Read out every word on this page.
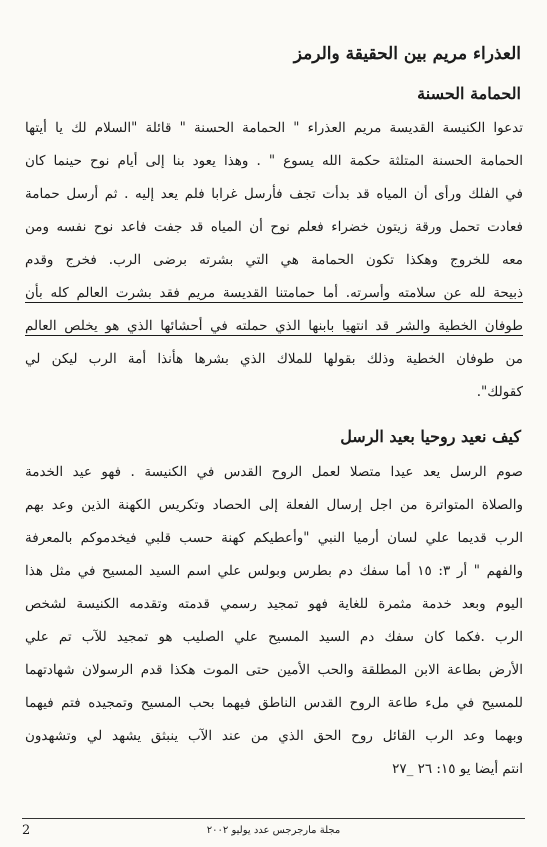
العذراء مريم بين الحقيقة والرمز
الحمامة الحسنة
تدعوا الكنيسة القديسة مريم العذراء " الحمامة الحسنة " قائلة "السلام لك يا أيتها
الحمامة الحسنة المتلثة حكمة الله يسوع " . وهذا يعود بنا إلى أيام نوح حينما كان
في الفلك ورأى أن المياه قد بدأت تجف فأرسل غرابا فلم يعد إليه . ثم أرسل حمامة
فعادت تحمل ورقة زيتون خضراء فعلم نوح أن المياه قد جفت فاعد نوح نفسه ومن
معه للخروج وهكذا تكون الحمامة هي التي بشرته برضى الرب. فخرج وقدم
ذبيحة لله عن سلامته وأسرته. أما حمامتنا القديسة مريم فقد بشرت العالم كله بأن
طوفان الخطية والشر قد انتهيا بابنها الذي حملته في أحشائها الذي هو يخلص العالم
من طوفان الخطية وذلك بقولها للملاك الذي بشرها هأنذا أمة الرب ليكن لي
كقولك".
كيف نعيد روحيا بعيد الرسل
صوم الرسل يعد عيدا متصلا لعمل الروح القدس في الكنيسة . فهو عيد الخدمة
والصلاة المتواترة من اجل إرسال الفعلة إلى الحصاد وتكريس الكهنة الذين وعد بهم
الرب قديما علي لسان أرميا النبي "وأعطيكم كهنة حسب قلبي فيخدموكم بالمعرفة
والفهم " أر ٣: ١٥ أما سفك دم بطرس وبولس علي اسم السيد المسيح في مثل هذا
اليوم وبعد خدمة مثمرة للغاية فهو تمجيد رسمي قدمته وتقدمه الكنيسة لشخص
الرب .فكما كان سفك دم السيد المسيح علي الصليب هو تمجيد للآب تم علي
الأرض بطاعة الابن المطلقة والحب الأمين حتى الموت هكذا قدم الرسولان شهادتهما
للمسيح في ملء طاعة الروح القدس الناطق فيهما بحب المسيح وتمجيده فتم فيهما
وبهما وعد الرب القائل روح الحق الذي من عند الآب ينبثق يشهد لي وتشهدون
انتم أيضا يو ١٥: ٢٦ _٢٧
2	مجلة مارجرجس عدد يوليو ٢٠٠٢
